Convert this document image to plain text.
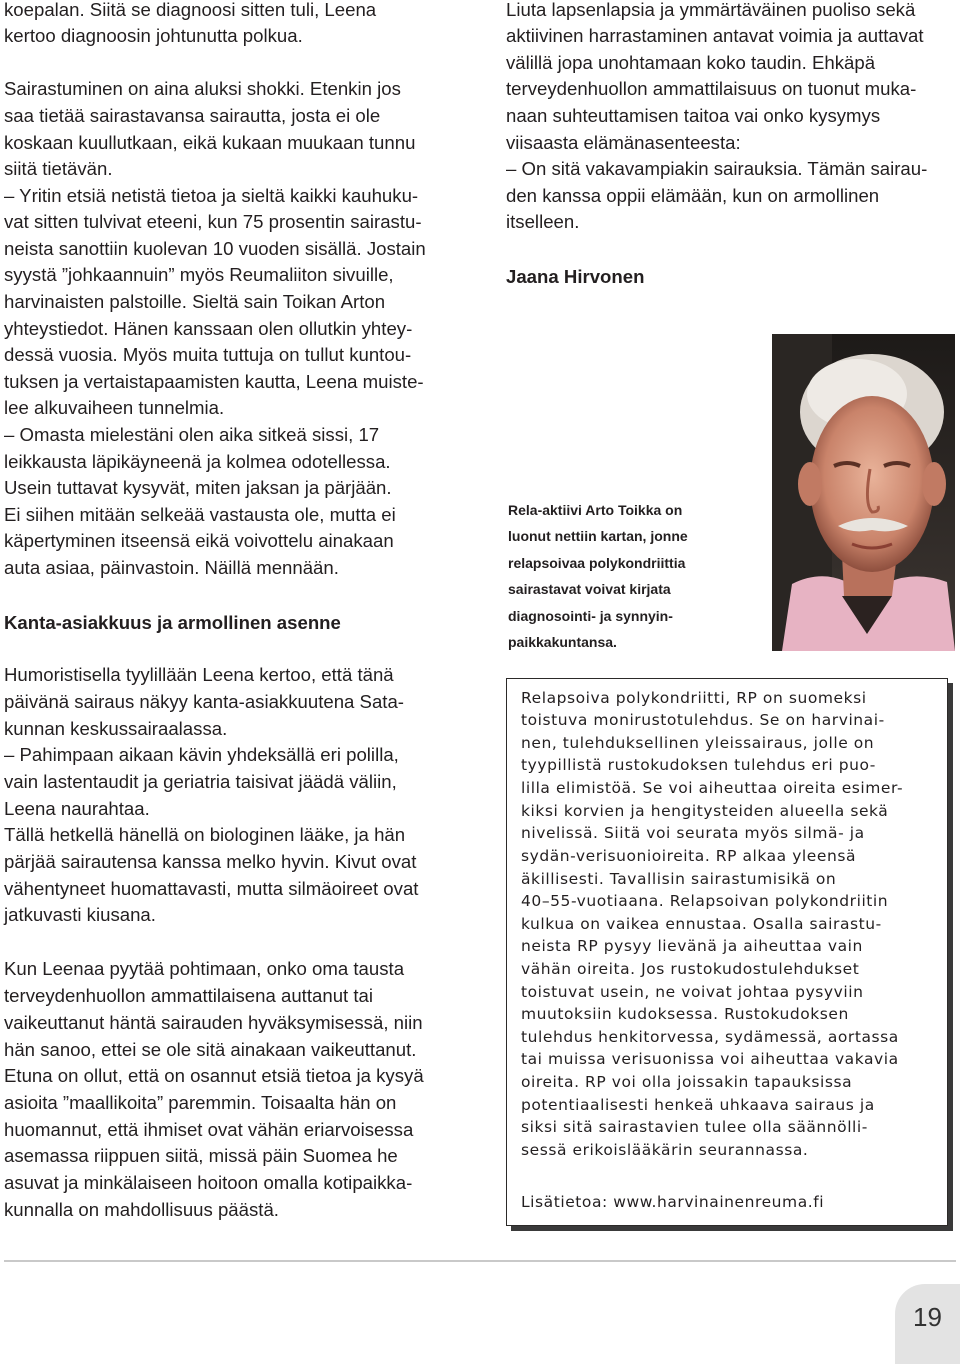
koepalan. Siitä se diagnoosi sitten tuli, Leena
kertoo diagnoosin johtunutta polkua.
Sairastuminen on aina aluksi shokki. Etenkin jos
saa tietää sairastavansa sairautta, josta ei ole
koskaan kuullutkaan, eikä kukaan muukaan tunnu
siitä tietävän.
– Yritin etsiä netistä tietoa ja sieltä kaikki kauhuku-
vat sitten tulvivat eteeni, kun 75 prosentin sairastu-
neista sanottiin kuolevan 10 vuoden sisällä. Jostain
syystä ”johkaannuin” myös Reumaliiton sivuille,
harvinaisten palstoille. Sieltä sain Toikan Arton
yhteystiedot. Hänen kanssaan olen ollutkin yhtey-
dessä vuosia. Myös muita tuttuja on tullut kuntou-
tuksen ja vertaistapaamisten kautta, Leena muiste-
lee alkuvaiheen tunnelmia.
– Omasta mielestäni olen aika sitkeä sissi, 17
leikkausta läpikäyneenä ja kolmea odotellessa.
Usein tuttavat kysyvät, miten jaksan ja pärjään.
Ei siihen mitään selkeää vastausta ole, mutta ei
käpertyminen itseensä eikä voivottelu ainakaan
auta asiaa, päinvastoin. Näillä mennään.
Kanta-asiakkuus ja armollinen asenne
Humoristisella tyylillään Leena kertoo, että tänä
päivänä sairaus näkyy kanta-asiakkuutena Sata-
kunnan keskussairaalassa.
– Pahimpaan aikaan kävin yhdeksällä eri polilla,
vain lastentaudit ja geriatria taisivat jäädä väliin,
Leena naurahtaa.
Tällä hetkellä hänellä on biologinen lääke, ja hän
pärjää sairautensa kanssa melko hyvin. Kivut ovat
vähentyneet huomattavasti, mutta silmäoireet ovat
jatkuvasti kiusana.
Kun Leenaa pyytää pohtimaan, onko oma tausta
terveydenhuollon ammattilaisena auttanut tai
vaikeuttanut häntä sairauden hyväksymisessä, niin
hän sanoo, ettei se ole sitä ainakaan vaikeuttanut.
Etuna on ollut, että on osannut etsiä tietoa ja kysyä
asioita ”maallikoita” paremmin. Toisaalta hän on
huomannut, että ihmiset ovat vähän eriarvoisessa
asemassa riippuen siitä, missä päin Suomea he
asuvat ja minkälaiseen hoitoon omalla kotipaikka-
kunnalla on mahdollisuus päästä.
Liuta lapsenlapsia ja ymmärtäväinen puoliso sekä
aktiivinen harrastaminen antavat voimia ja auttavat
välillä jopa unohtamaan koko taudin. Ehkäpä
terveydenhuollon ammattilaisuus on tuonut muka-
naan suhteuttamisen taitoa vai onko kysymys
viisaasta elämänasenteesta:
– On sitä vakavampiakin sairauksia. Tämän sairau-
den kanssa oppii elämään, kun on armollinen
itselleen.
Jaana Hirvonen
Rela-aktiivi Arto Toikka on
luonut nettiin kartan, jonne
relapsoivaa polykondriittia
sairastavat voivat kirjata
diagnosointi- ja synnyin-
paikkakuntansa.
Relapsoiva polykondriitti, RP on suomeksi
toistuva monirustotulehdus. Se on harvinai-
nen, tulehduksellinen yleissairaus, jolle on
tyypillistä rustokudoksen tulehdus eri puo-
lilla elimistöä. Se voi aiheuttaa oireita esimer-
kiksi korvien ja hengitysteiden alueella sekä
nivelissä. Siitä voi seurata myös silmä- ja
sydän-verisuonioireita. RP alkaa yleensä
äkillisesti. Tavallisin sairastumisikä on
40–55-vuotiaana. Relapsoivan polykondriitin
kulkua on vaikea ennustaa. Osalla sairastu-
neista RP pysyy lievänä ja aiheuttaa vain
vähän oireita. Jos rustokudostulehdukset
toistuvat usein, ne voivat johtaa pysyviin
muutoksiin kudoksessa. Rustokudoksen
tulehdus henkitorvessa, sydämessä, aortassa
tai muissa verisuonissa voi aiheuttaa vakavia
oireita. RP voi olla joissakin tapauksissa
potentiaalisesti henkeä uhkaava sairaus ja
siksi sitä sairastavien tulee olla säännölli-
sessä erikoislääkärin seurannassa.
Lisätietoa: www.harvinainenreuma.fi
19
